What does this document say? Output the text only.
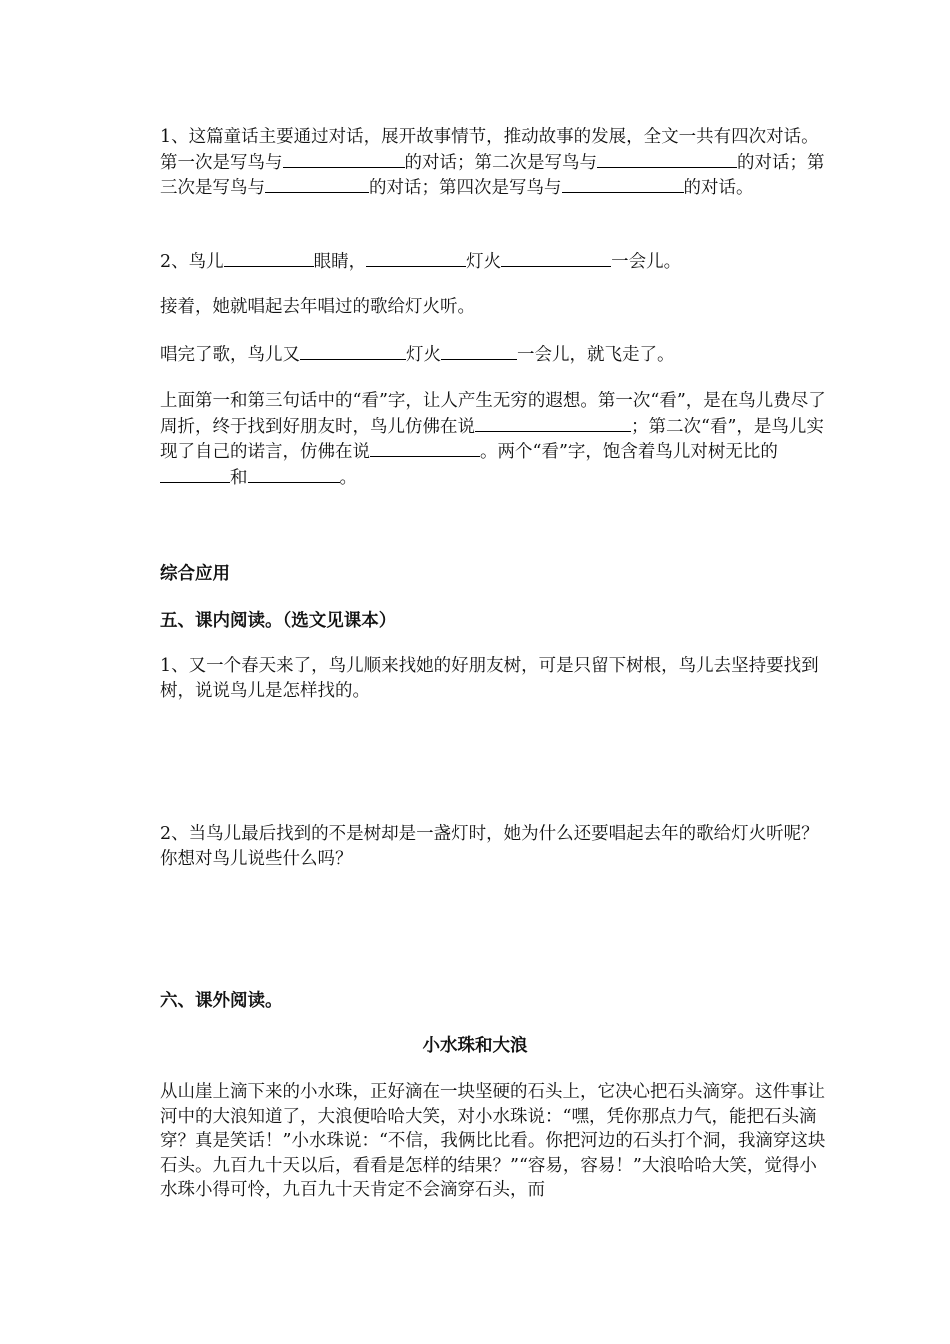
1、这篇童话主要通过对话，展开故事情节，推动故事的发展，全文一共有四次对话。第一次是写鸟与	的对话；第二次是写鸟与	的对话；第三次是写鸟与	的对话；第四次是写鸟与	的对话。

2、鸟儿	眼睛，	灯火	一会儿。

接着，她就唱起去年唱过的歌给灯火听。

唱完了歌，鸟儿又	灯火	一会儿，就飞走了。

上面第一和第三句话中的“看”字，让人产生无穷的遐想。第一次“看”，是在鸟儿费尽了周折，终于找到好朋友时，鸟儿仿佛在说	；第二次“看”，是鸟儿实现了自己的诺言，仿佛在说	。两个“看”字，饱含着鸟儿对树无比的和	。

综合应用

五、课内阅读。（选文见课本）

1、又一个春天来了，鸟儿顺来找她的好朋友树，可是只留下树根，鸟儿去坚持要找到树，说说鸟儿是怎样找的。

2、当鸟儿最后找到的不是树却是一盏灯时，她为什么还要唱起去年的歌给灯火听呢？你想对鸟儿说些什么吗？

六、课外阅读。

小水珠和大浪

从山崖上滴下来的小水珠，正好滴在一块坚硬的石头上，它决心把石头滴穿。这件事让河中的大浪知道了，大浪便哈哈大笑，对小水珠说：“嘿，凭你那点力气，能把石头滴穿？真是笑话！”小水珠说：“不信，我俩比比看。你把河边的石头打个洞，我滴穿这块石头。九百九十天以后，看看是怎样的结果？”“容易，容易！”大浪哈哈大笑，觉得小水珠小得可怜，九百九十天肯定不会滴穿石头，而
